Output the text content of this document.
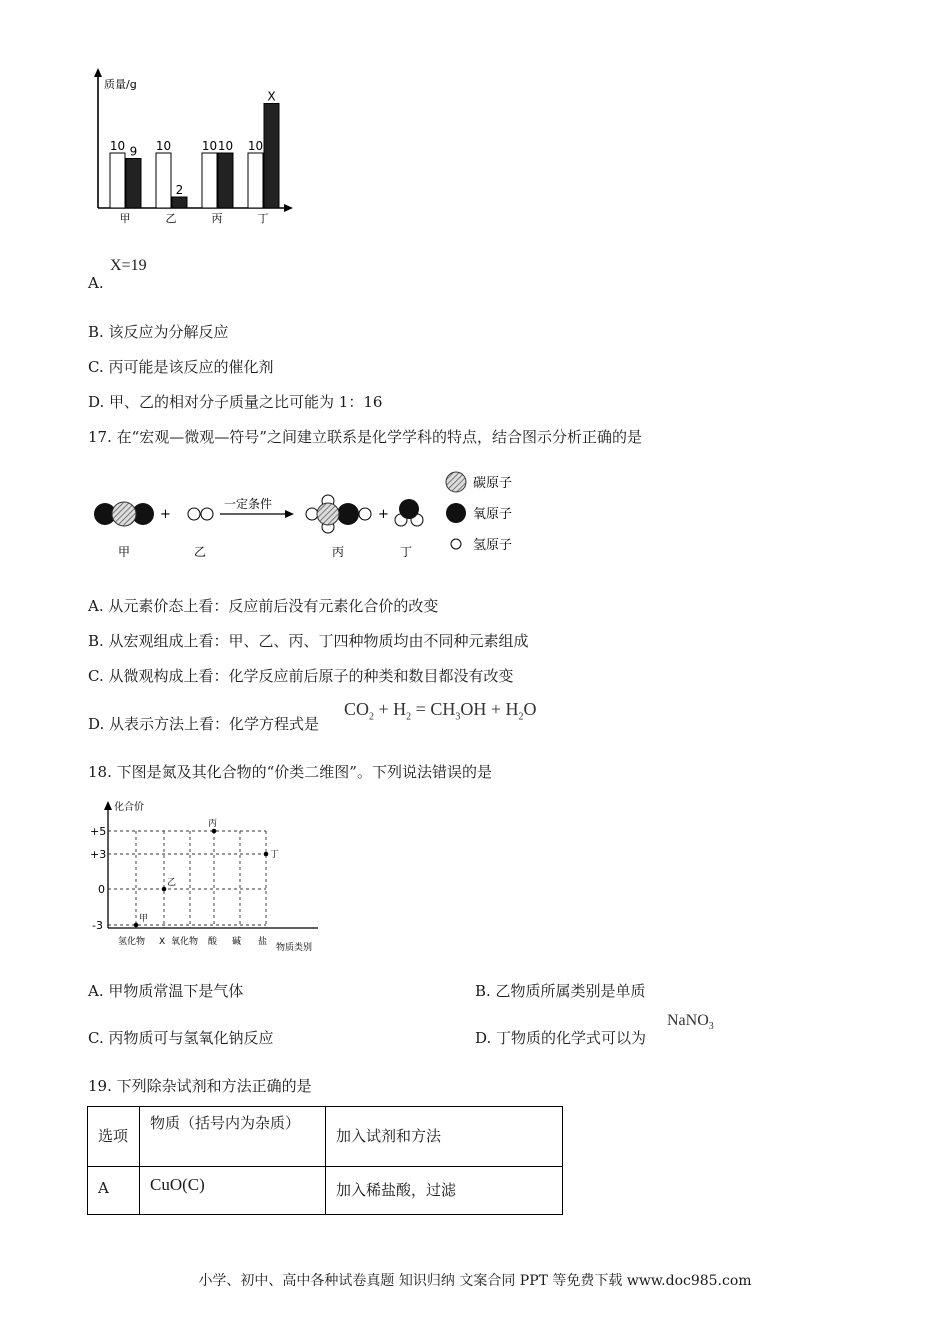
质量/g
10 9
甲
10
2
乙
10 10
丙
10
X
丁
A.
X=19
B. 该反应为分解反应
C. 丙可能是该反应的催化剂
D. 甲、乙的相对分子质量之比可能为 1：16
17. 在“宏观—微观—符号”之间建立联系是化学学科的特点，结合图示分析正确的是
+
一定条件
+
甲	乙	丙	丁
碳原子
氧原子
氢原子
A. 从元素价态上看：反应前后没有元素化合价的改变
B. 从宏观组成上看：甲、乙、丙、丁四种物质均由不同种元素组成
C. 从微观构成上看：化学反应前后原子的种类和数目都没有改变
D. 从表示方法上看：化学方程式是
$CO_2 + H_2 = CH_3OH + H_2O$
18. 下图是氮及其化合物的“价类二维图”。下列说法错误的是
化合价
+5
+3
0
-3
氢化物 X 氧化物 酸 碱 盐
物质类别
甲
乙
丙
丁
A. 甲物质常温下是气体	B. 乙物质所属类别是单质
C. 丙物质可与氢氧化钠反应	D. 丁物质的化学式可以为
NaNO$_3$
19. 下列除杂试剂和方法正确的是
选项	物质（括号内为杂质）	加入试剂和方法
A	CuO(C)	加入稀盐酸，过滤
小学、初中、高中各种试卷真题 知识归纳 文案合同 PPT 等免费下载 www.doc985.com
